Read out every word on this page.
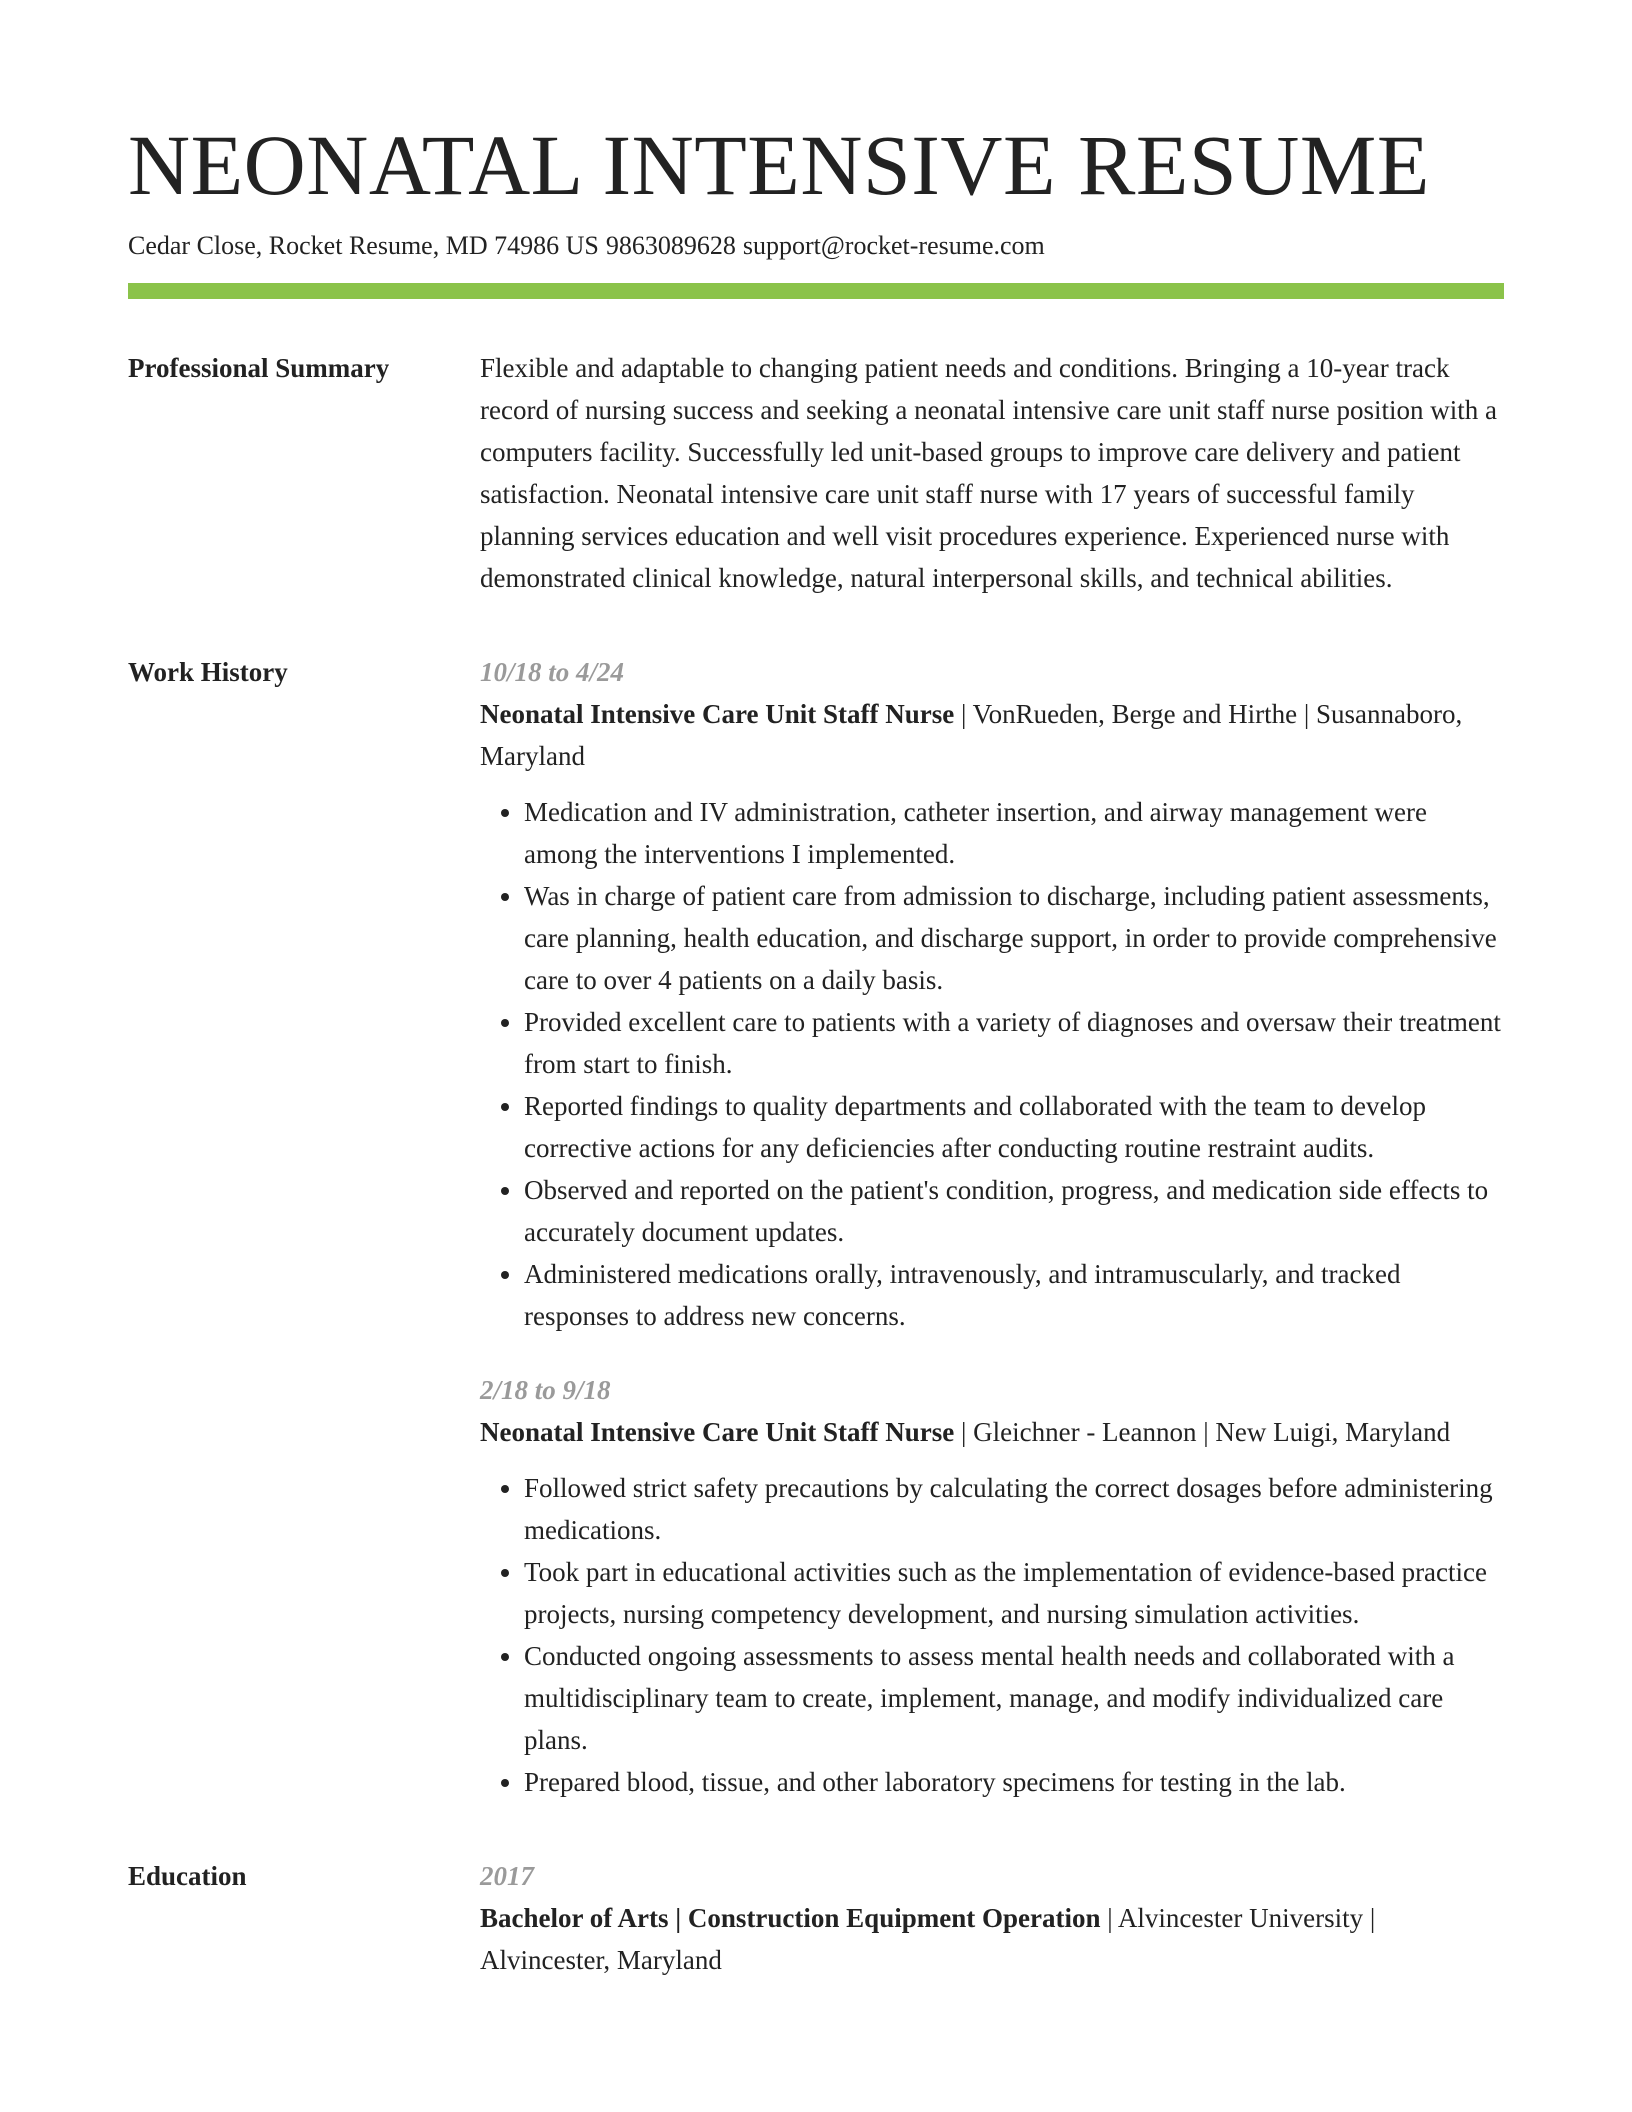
NEONATAL INTENSIVE RESUME
Cedar Close, Rocket Resume, MD 74986 US 9863089628 support@rocket-resume.com
Professional Summary	Flexible and adaptable to changing patient needs and conditions. Bringing a 10-year track record of nursing success and seeking a neonatal intensive care unit staff nurse position with a computers facility. Successfully led unit-based groups to improve care delivery and patient satisfaction. Neonatal intensive care unit staff nurse with 17 years of successful family planning services education and well visit procedures experience. Experienced nurse with demonstrated clinical knowledge, natural interpersonal skills, and technical abilities.

Work History	10/18 to 4/24
Neonatal Intensive Care Unit Staff Nurse | VonRueden, Berge and Hirthe | Susannaboro, Maryland
• Medication and IV administration, catheter insertion, and airway management were among the interventions I implemented.
• Was in charge of patient care from admission to discharge, including patient assessments, care planning, health education, and discharge support, in order to provide comprehensive care to over 4 patients on a daily basis.
• Provided excellent care to patients with a variety of diagnoses and oversaw their treatment from start to finish.
• Reported findings to quality departments and collaborated with the team to develop corrective actions for any deficiencies after conducting routine restraint audits.
• Observed and reported on the patient's condition, progress, and medication side effects to accurately document updates.
• Administered medications orally, intravenously, and intramuscularly, and tracked responses to address new concerns.
2/18 to 9/18
Neonatal Intensive Care Unit Staff Nurse | Gleichner - Leannon | New Luigi, Maryland
• Followed strict safety precautions by calculating the correct dosages before administering medications.
• Took part in educational activities such as the implementation of evidence-based practice projects, nursing competency development, and nursing simulation activities.
• Conducted ongoing assessments to assess mental health needs and collaborated with a multidisciplinary team to create, implement, manage, and modify individualized care plans.
• Prepared blood, tissue, and other laboratory specimens for testing in the lab.
Education	2017
Bachelor of Arts | Construction Equipment Operation | Alvincester University | Alvincester, Maryland
